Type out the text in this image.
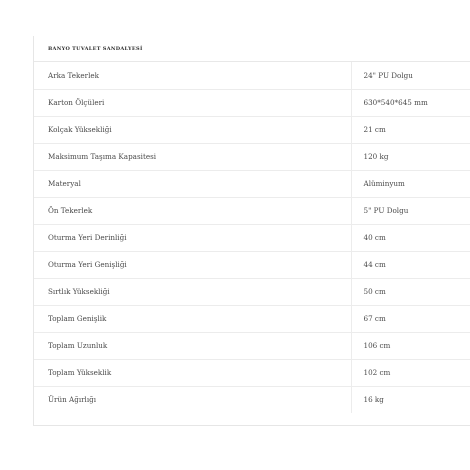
BANYO TUVALET SANDALYESİ
Arka Tekerlek	24" PU Dolgu
Karton Ölçüleri	630*540*645 mm
Kolçak Yüksekliği	21 cm
Maksimum Taşıma Kapasitesi	120 kg
Materyal	Alüminyum
Ön Tekerlek	5" PU Dolgu
Oturma Yeri Derinliği	40 cm
Oturma Yeri Genişliği	44 cm
Sırtlık Yüksekliği	50 cm
Toplam Genişlik	67 cm
Toplam Uzunluk	106 cm
Toplam Yükseklik	102 cm
Ürün Ağırlığı	16 kg
